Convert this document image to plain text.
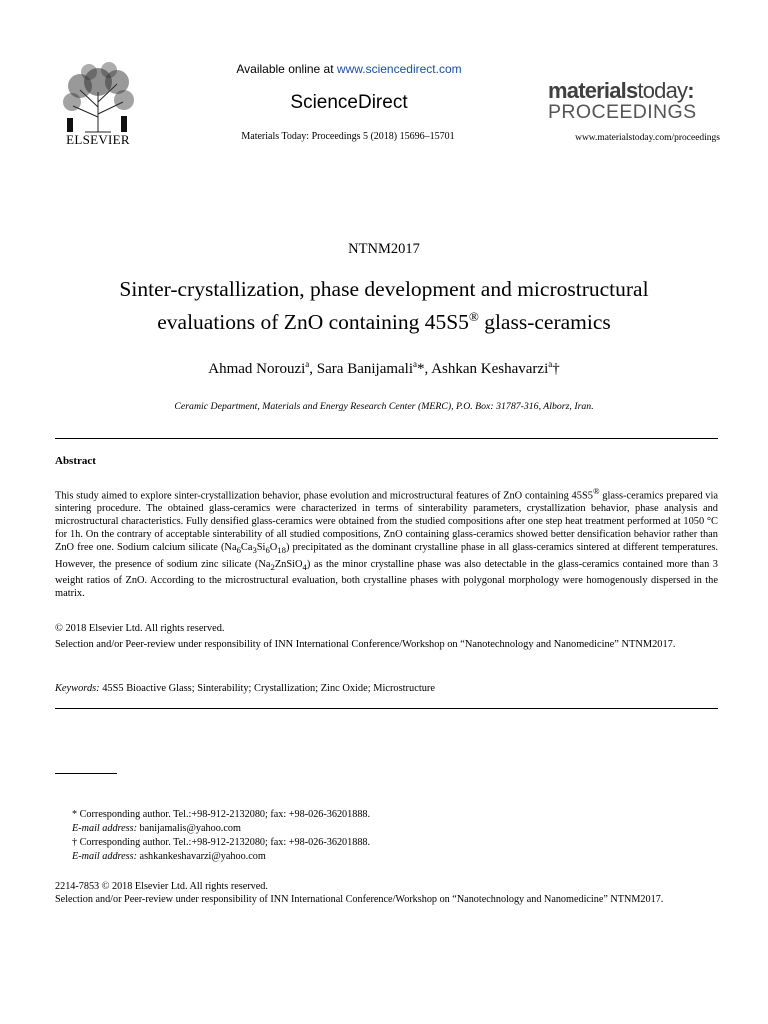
ELSEVIER
Available online at www.sciencedirect.com
ScienceDirect
Materials Today: Proceedings 5 (2018) 15696–15701
materialstoday:
PROCEEDINGS
www.materialstoday.com/proceedings
NTNM2017
Sinter-crystallization, phase development and microstructural
evaluations of ZnO containing 45S5® glass-ceramics
Ahmad Norouzi$^a$, Sara Banijamali$^a$*, Ashkan Keshavarzi$^a$†
Ceramic Department, Materials and Energy Research Center (MERC), P.O. Box: 31787-316, Alborz, Iran.
Abstract

This study aimed to explore sinter-crystallization behavior, phase evolution and microstructural features of ZnO containing 45S5® glass-ceramics prepared via sintering procedure. The obtained glass-ceramics were characterized in terms of sinterability parameters, crystallization behavior, phase analysis and microstructural characteristics. Fully densified glass-ceramics were obtained from the studied compositions after one step heat treatment performed at 1050 °C for 1h. On the contrary of acceptable sinterability of all studied compositions, ZnO containing glass-ceramics showed better densification behavior rather than ZnO free one. Sodium calcium silicate $(Na_6Ca_3Si_6O_{18})$ precipitated as the dominant crystalline phase in all glass-ceramics sintered at different temperatures. However, the presence of sodium zinc silicate $(Na_2ZnSiO_4)$ as the minor crystalline phase was also detectable in the glass-ceramics contained more than 3 weight ratios of ZnO. According to the microstructural evaluation, both crystalline phases with polygonal morphology were homogenously dispersed in the matrix.

© 2018 Elsevier Ltd. All rights reserved.
Selection and/or Peer-review under responsibility of INN International Conference/Workshop on “Nanotechnology and Nanomedicine” NTNM2017.
Keywords: 45S5 Bioactive Glass; Sinterability; Crystallization; Zinc Oxide; Microstructure
* Corresponding author. Tel.:+98-912-2132080; fax: +98-026-36201888.
E-mail address: banijamalis@yahoo.com
† Corresponding author. Tel.:+98-912-2132080; fax: +98-026-36201888.
E-mail address: ashkankeshavarzi@yahoo.com
2214-7853 © 2018 Elsevier Ltd. All rights reserved.
Selection and/or Peer-review under responsibility of INN International Conference/Workshop on “Nanotechnology and Nanomedicine” NTNM2017.
